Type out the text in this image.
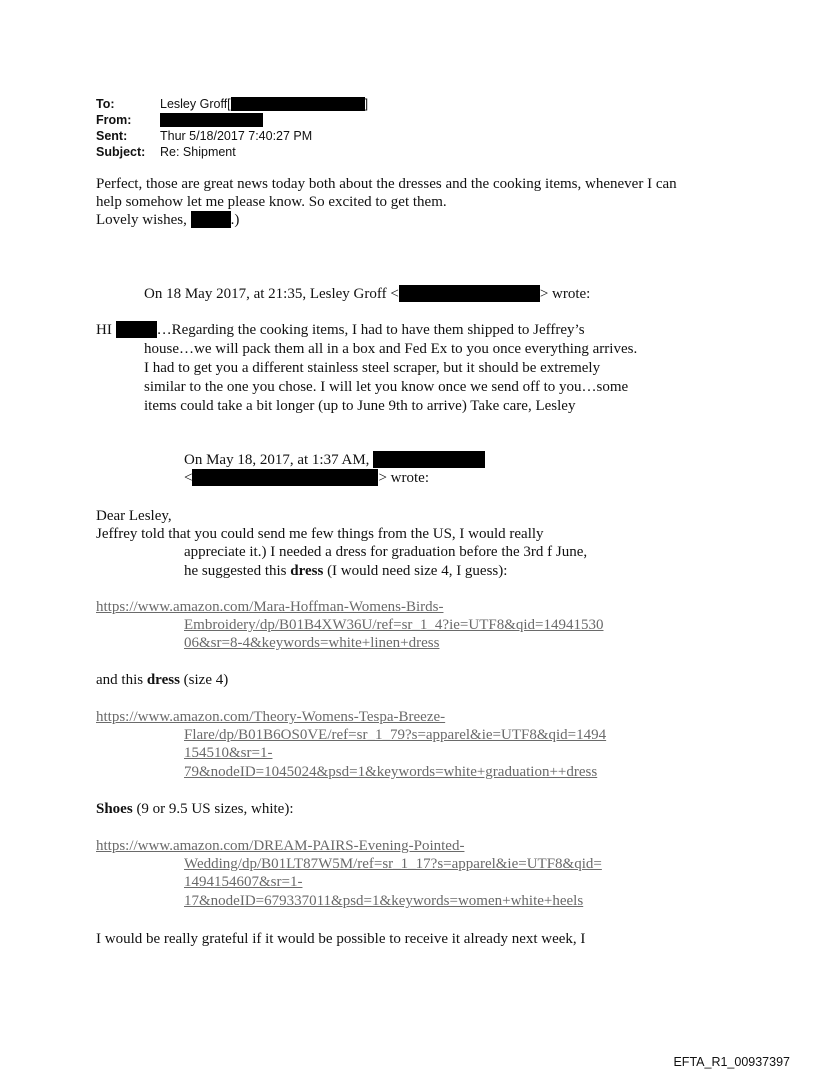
To:	Lesley Groff[	]
From:
Sent:	Thur 5/18/2017 7:40:27 PM
Subject: Re: Shipment
Perfect, those are great news today both about the dresses and the cooking items, whenever I can
help somehow let me please know. So excited to get them.
Lovely wishes,	.)
On 18 May 2017, at 21:35, Lesley Groff <	> wrote:
HI	…Regarding the cooking items, I had to have them shipped to Jeffrey’s
house…we will pack them all in a box and Fed Ex to you once everything arrives.
I had to get you a different stainless steel scraper, but it should be extremely
similar to the one you chose. I will let you know once we send off to you…some
items could take a bit longer (up to June 9th to arrive) Take care, Lesley
On May 18, 2017, at 1:37 AM,
<	> wrote:
Dear Lesley,
Jeffrey told that you could send me few things from the US, I would really
appreciate it.) I needed a dress for graduation before the 3rd f June,
he suggested this dress (I would need size 4, I guess):
https://www.amazon.com/Mara-Hoffman-Womens-Birds-
Embroidery/dp/B01B4XW36U/ref=sr_1_4?ie=UTF8&qid=14941530
06&sr=8-4&keywords=white+linen+dress
and this dress (size 4)
https://www.amazon.com/Theory-Womens-Tespa-Breeze-
Flare/dp/B01B6OS0VE/ref=sr_1_79?s=apparel&ie=UTF8&qid=1494
154510&sr=1-
79&nodeID=1045024&psd=1&keywords=white+graduation++dress
Shoes (9 or 9.5 US sizes, white):
https://www.amazon.com/DREAM-PAIRS-Evening-Pointed-
Wedding/dp/B01LT87W5M/ref=sr_1_17?s=apparel&ie=UTF8&qid=
1494154607&sr=1-
17&nodeID=679337011&psd=1&keywords=women+white+heels
I would be really grateful if it would be possible to receive it already next week, I
EFTA_R1_00937397
